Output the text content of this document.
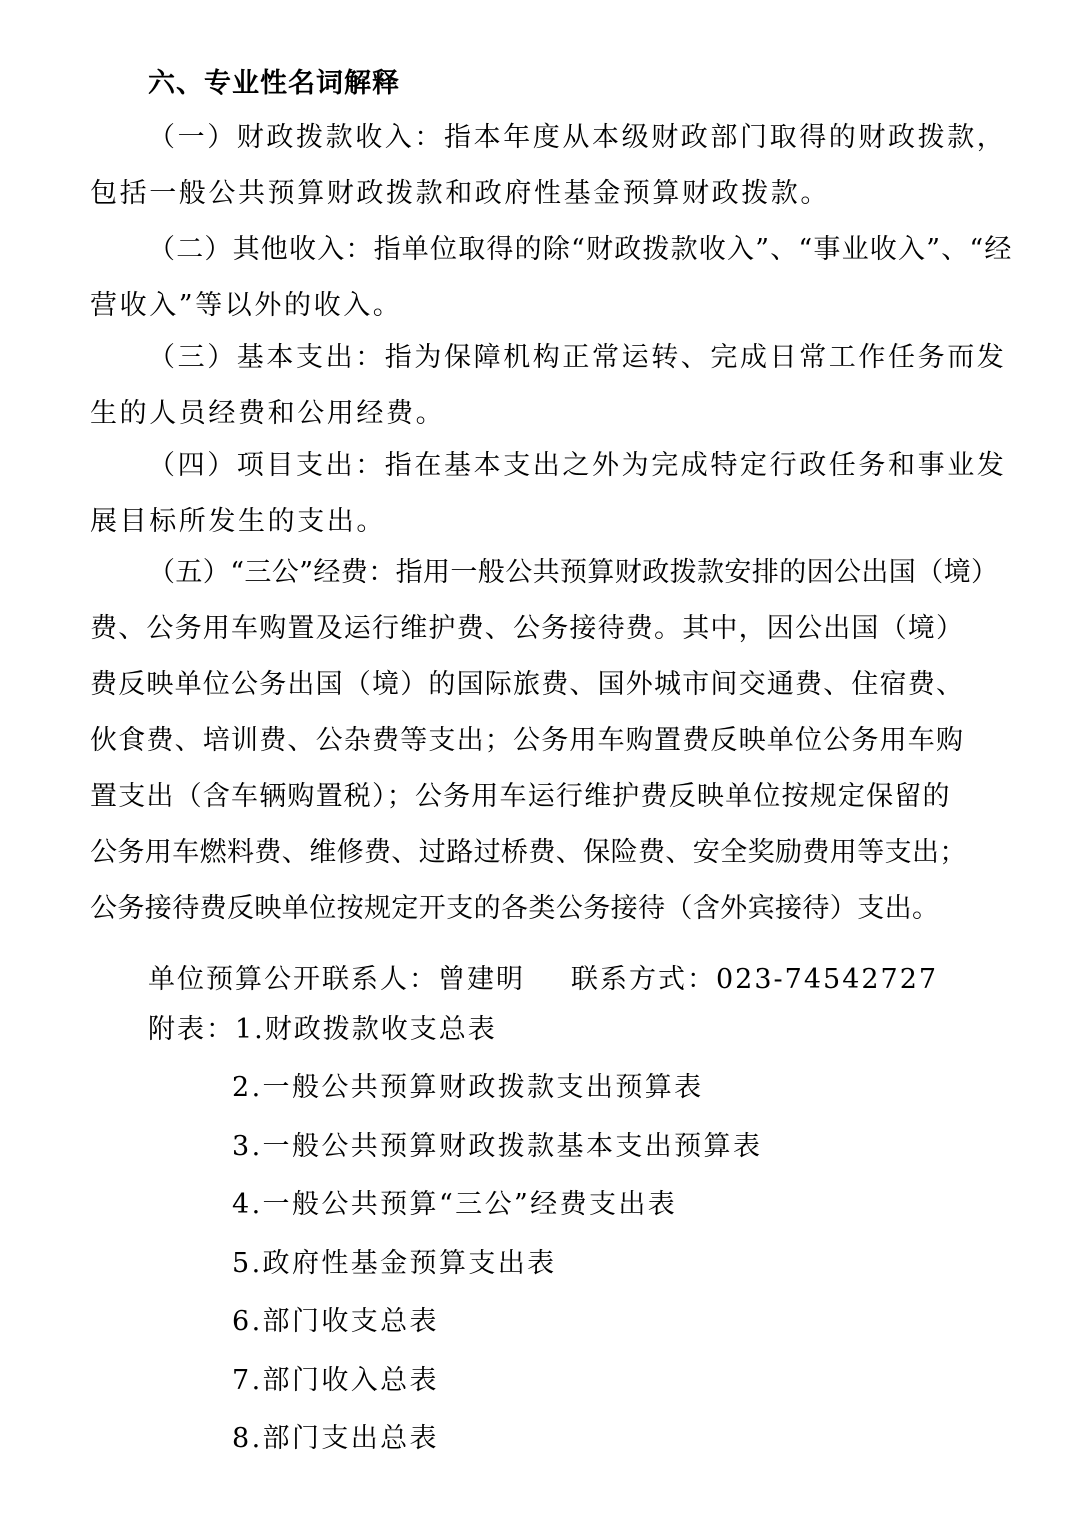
六、专业性名词解释
（一）财政拨款收入：指本年度从本级财政部门取得的财政拨款，
包括一般公共预算财政拨款和政府性基金预算财政拨款。
（二）其他收入：指单位取得的除“财政拨款收入”、“事业收入”、“经
营收入”等以外的收入。
（三）基本支出：指为保障机构正常运转、完成日常工作任务而发
生的人员经费和公用经费。
（四）项目支出：指在基本支出之外为完成特定行政任务和事业发
展目标所发生的支出。
（五）“三公”经费：指用一般公共预算财政拨款安排的因公出国（境）
费、公务用车购置及运行维护费、公务接待费。其中，因公出国（境）
费反映单位公务出国（境）的国际旅费、国外城市间交通费、住宿费、
伙食费、培训费、公杂费等支出；公务用车购置费反映单位公务用车购
置支出（含车辆购置税）；公务用车运行维护费反映单位按规定保留的
公务用车燃料费、维修费、过路过桥费、保险费、安全奖励费用等支出；
公务接待费反映单位按规定开支的各类公务接待（含外宾接待）支出。
单位预算公开联系人：曾建明 联系方式：023-74542727
附表：1.财政拨款收支总表
2.一般公共预算财政拨款支出预算表
3.一般公共预算财政拨款基本支出预算表
4.一般公共预算“三公”经费支出表
5.政府性基金预算支出表
6.部门收支总表
7.部门收入总表
8.部门支出总表
